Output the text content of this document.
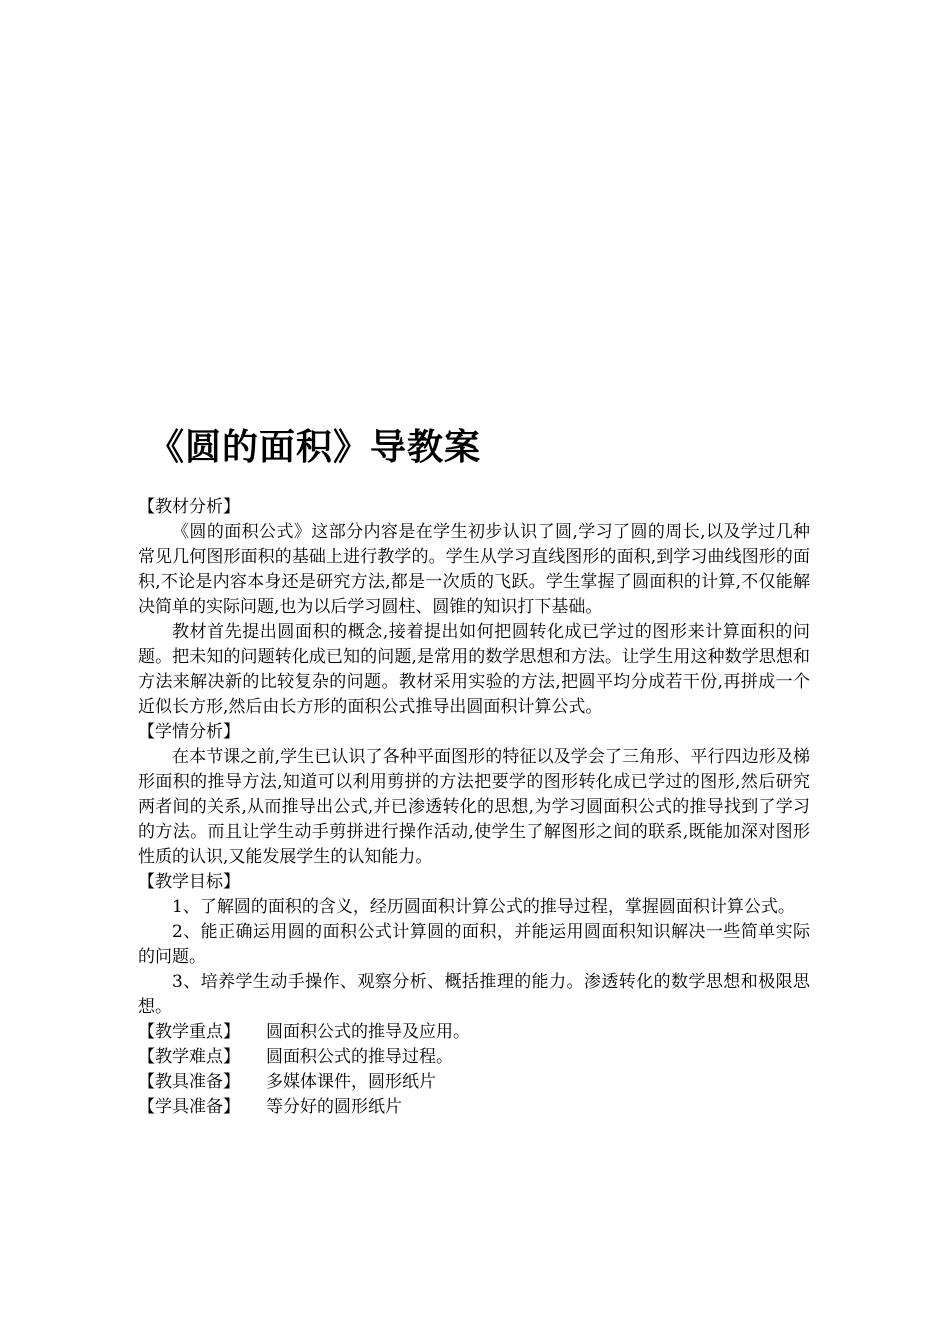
《圆的面积》导教案

【教材分析】

《圆的面积公式》这部分内容是在学生初步认识了圆,学习了圆的周长,以及学过几种常见几何图形面积的基础上进行教学的。学生从学习直线图形的面积,到学习曲线图形的面积,不论是内容本身还是研究方法,都是一次质的飞跃。学生掌握了圆面积的计算,不仅能解决简单的实际问题,也为以后学习圆柱、圆锥的知识打下基础。

教材首先提出圆面积的概念,接着提出如何把圆转化成已学过的图形来计算面积的问题。把未知的问题转化成已知的问题,是常用的数学思想和方法。让学生用这种数学思想和方法来解决新的比较复杂的问题。教材采用实验的方法,把圆平均分成若干份,再拼成一个近似长方形,然后由长方形的面积公式推导出圆面积计算公式。

【学情分析】

在本节课之前,学生已认识了各种平面图形的特征以及学会了三角形、平行四边形及梯形面积的推导方法,知道可以利用剪拼的方法把要学的图形转化成已学过的图形,然后研究两者间的关系,从而推导出公式,并已渗透转化的思想,为学习圆面积公式的推导找到了学习的方法。而且让学生动手剪拼进行操作活动,使学生了解图形之间的联系,既能加深对图形性质的认识,又能发展学生的认知能力。

【教学目标】

1、了解圆的面积的含义，经历圆面积计算公式的推导过程，掌握圆面积计算公式。

2、能正确运用圆的面积公式计算圆的面积，并能运用圆面积知识解决一些简单实际的问题。

3、培养学生动手操作、观察分析、概括推理的能力。渗透转化的数学思想和极限思想。

【教学重点】 圆面积公式的推导及应用。

【教学难点】 圆面积公式的推导过程。

【教具准备】 多媒体课件，圆形纸片

【学具准备】 等分好的圆形纸片
